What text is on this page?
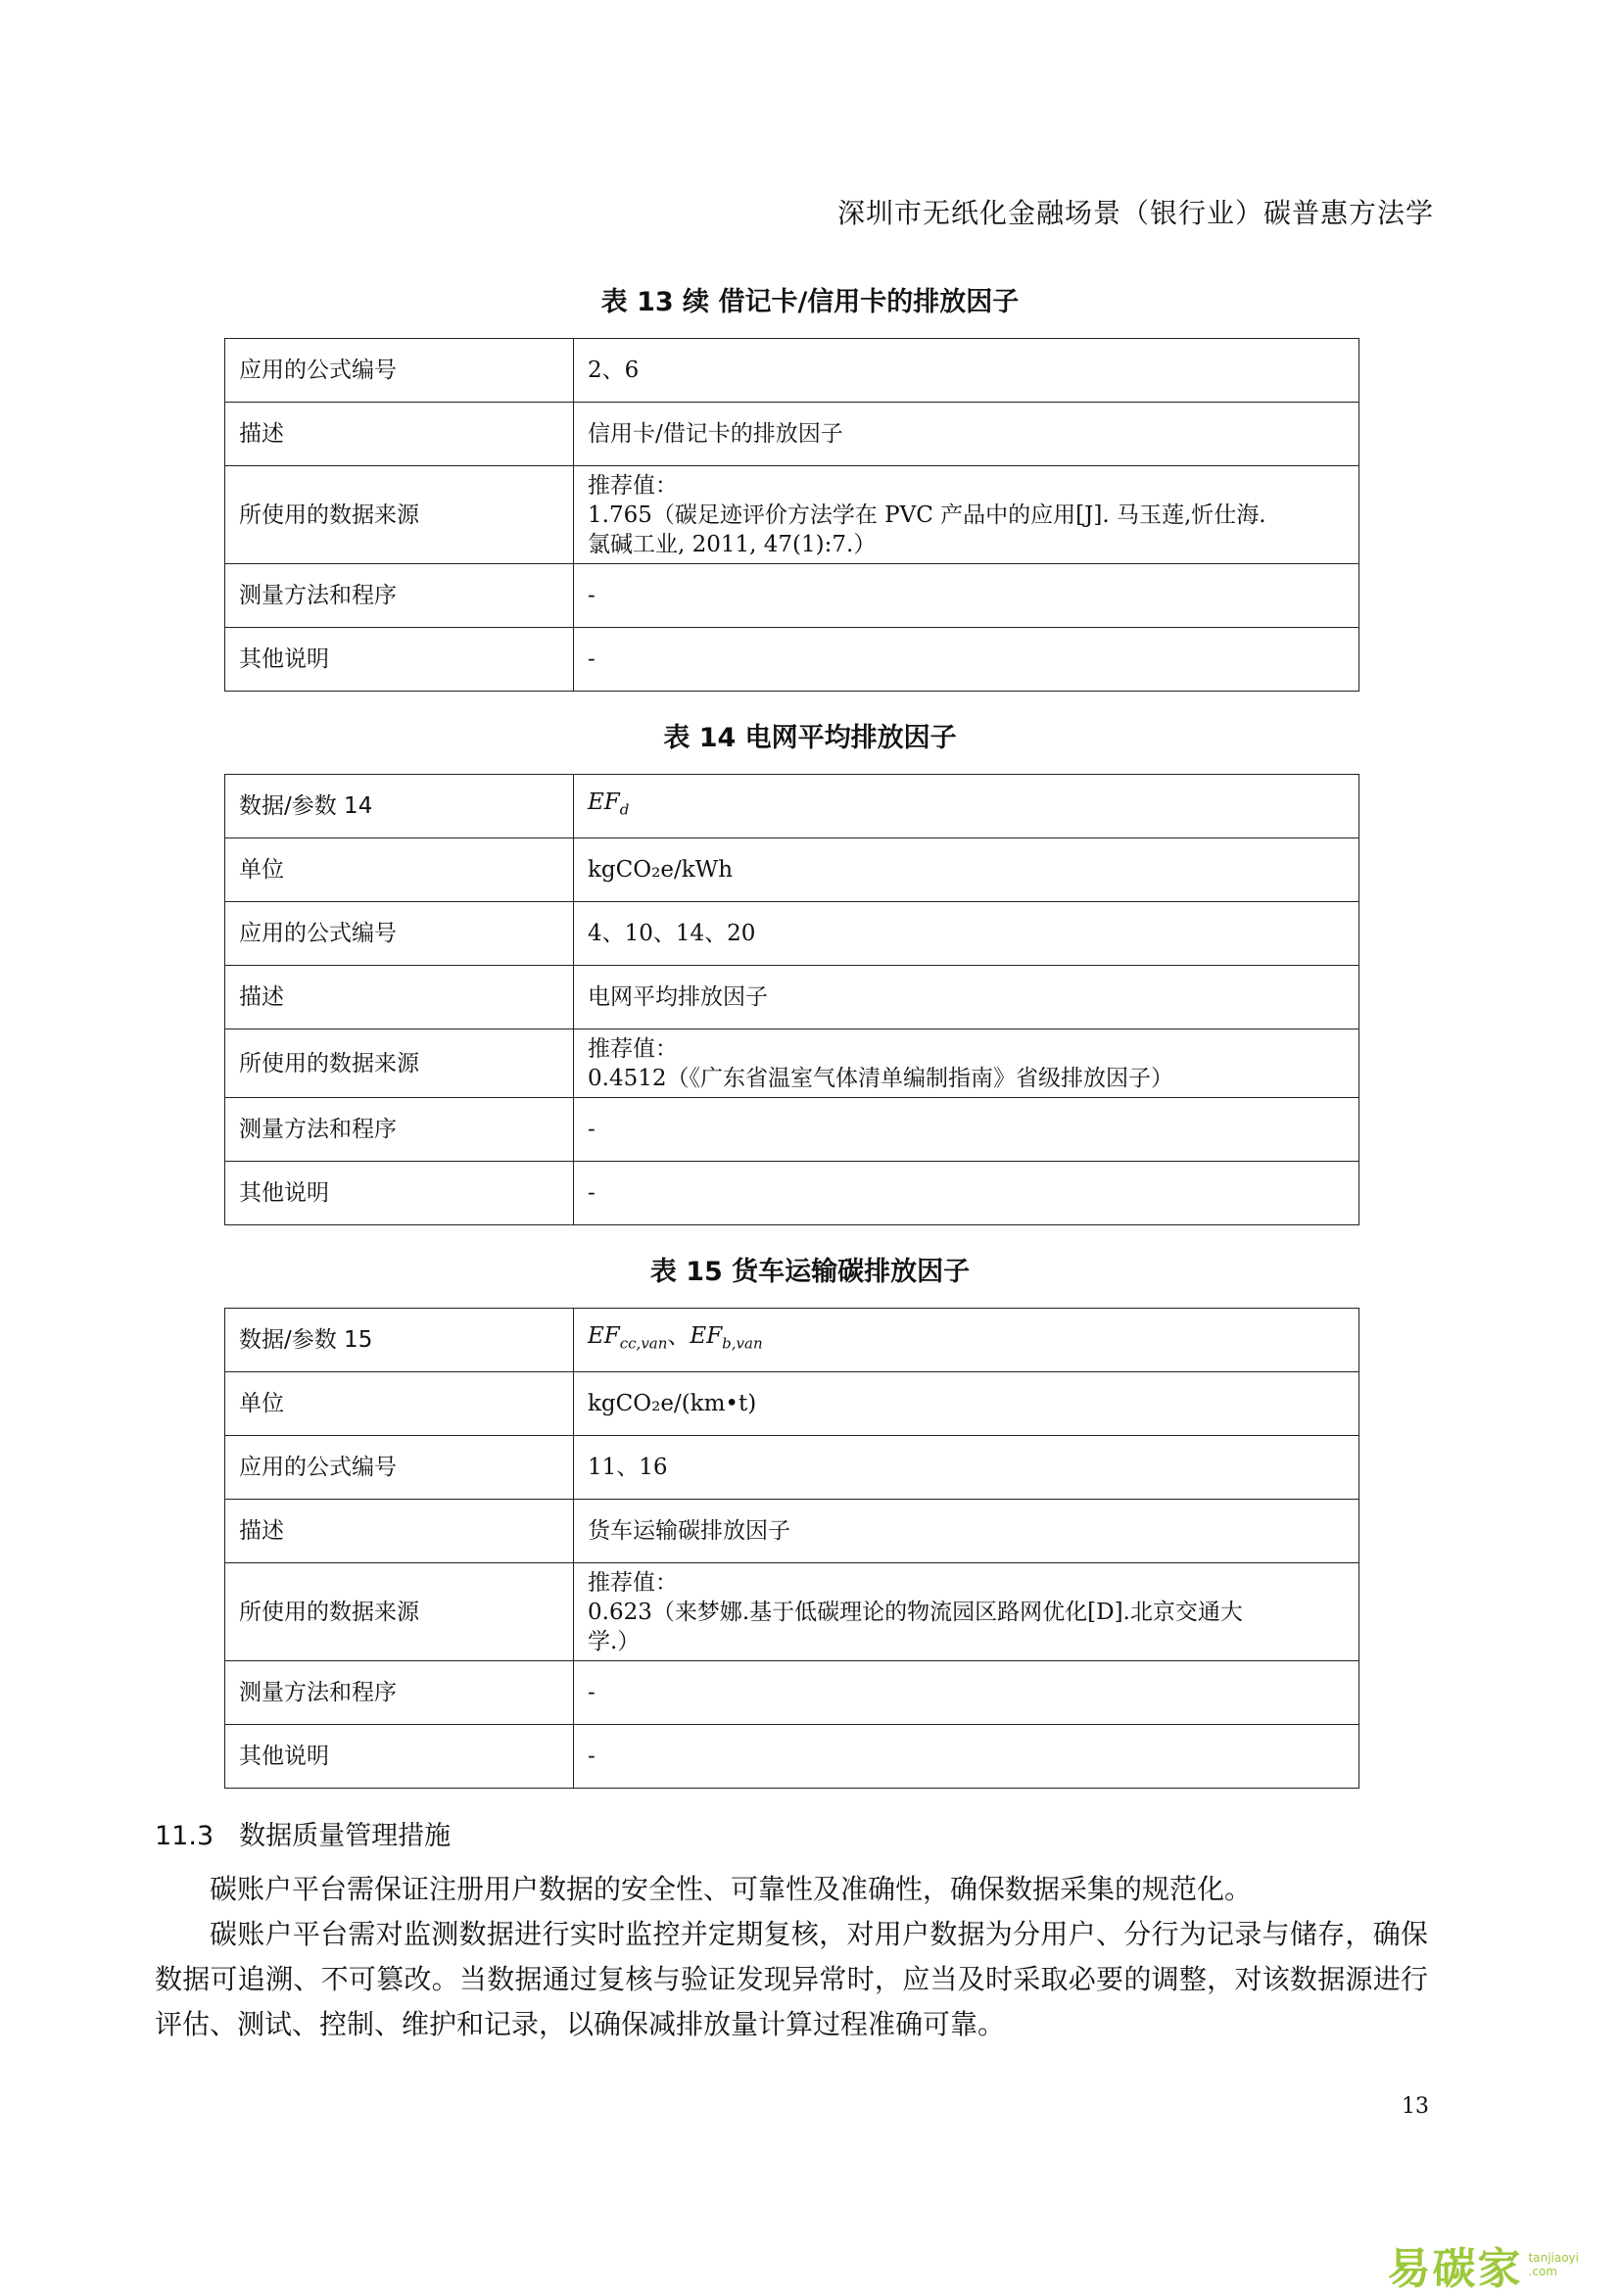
深圳市无纸化金融场景（银行业）碳普惠方法学
表 13 续 借记卡/信用卡的排放因子
应用的公式编号	2、6
描述	信用卡/借记卡的排放因子
所使用的数据来源	推荐值：
1.765（碳足迹评价方法学在 PVC 产品中的应用[J]. 马玉莲,忻仕海.
氯碱工业, 2011, 47(1):7.）

测量方法和程序	-
其他说明	-
表 14 电网平均排放因子
数据/参数 14	$EF_d$
单位	kgCO₂e/kWh
应用的公式编号	4、10、14、20
描述	电网平均排放因子
所使用的数据来源	推荐值：
0.4512（《广东省温室气体清单编制指南》省级排放因子）

测量方法和程序	-
其他说明	-
表 15 货车运输碳排放因子
数据/参数 15	$EF_{cc,van}$、$EF_{b,van}$
单位	kgCO₂e/(km•t)
应用的公式编号	11、16
描述	货车运输碳排放因子
所使用的数据来源	推荐值：
0.623（来梦娜.基于低碳理论的物流园区路网优化[D].北京交通大
学.）

测量方法和程序	-
其他说明	-
11.3 数据质量管理措施

碳账户平台需保证注册用户数据的安全性、可靠性及准确性，确保数据采集的规范化。

碳账户平台需对监测数据进行实时监控并定期复核，对用户数据为分用户、分行为记录与储存，确保数据可追溯、不可篡改。当数据通过复核与验证发现异常时，应当及时采取必要的调整，对该数据源进行评估、测试、控制、维护和记录，以确保减排放量计算过程准确可靠。

13
易碳家 tanjiaoyi
.com
